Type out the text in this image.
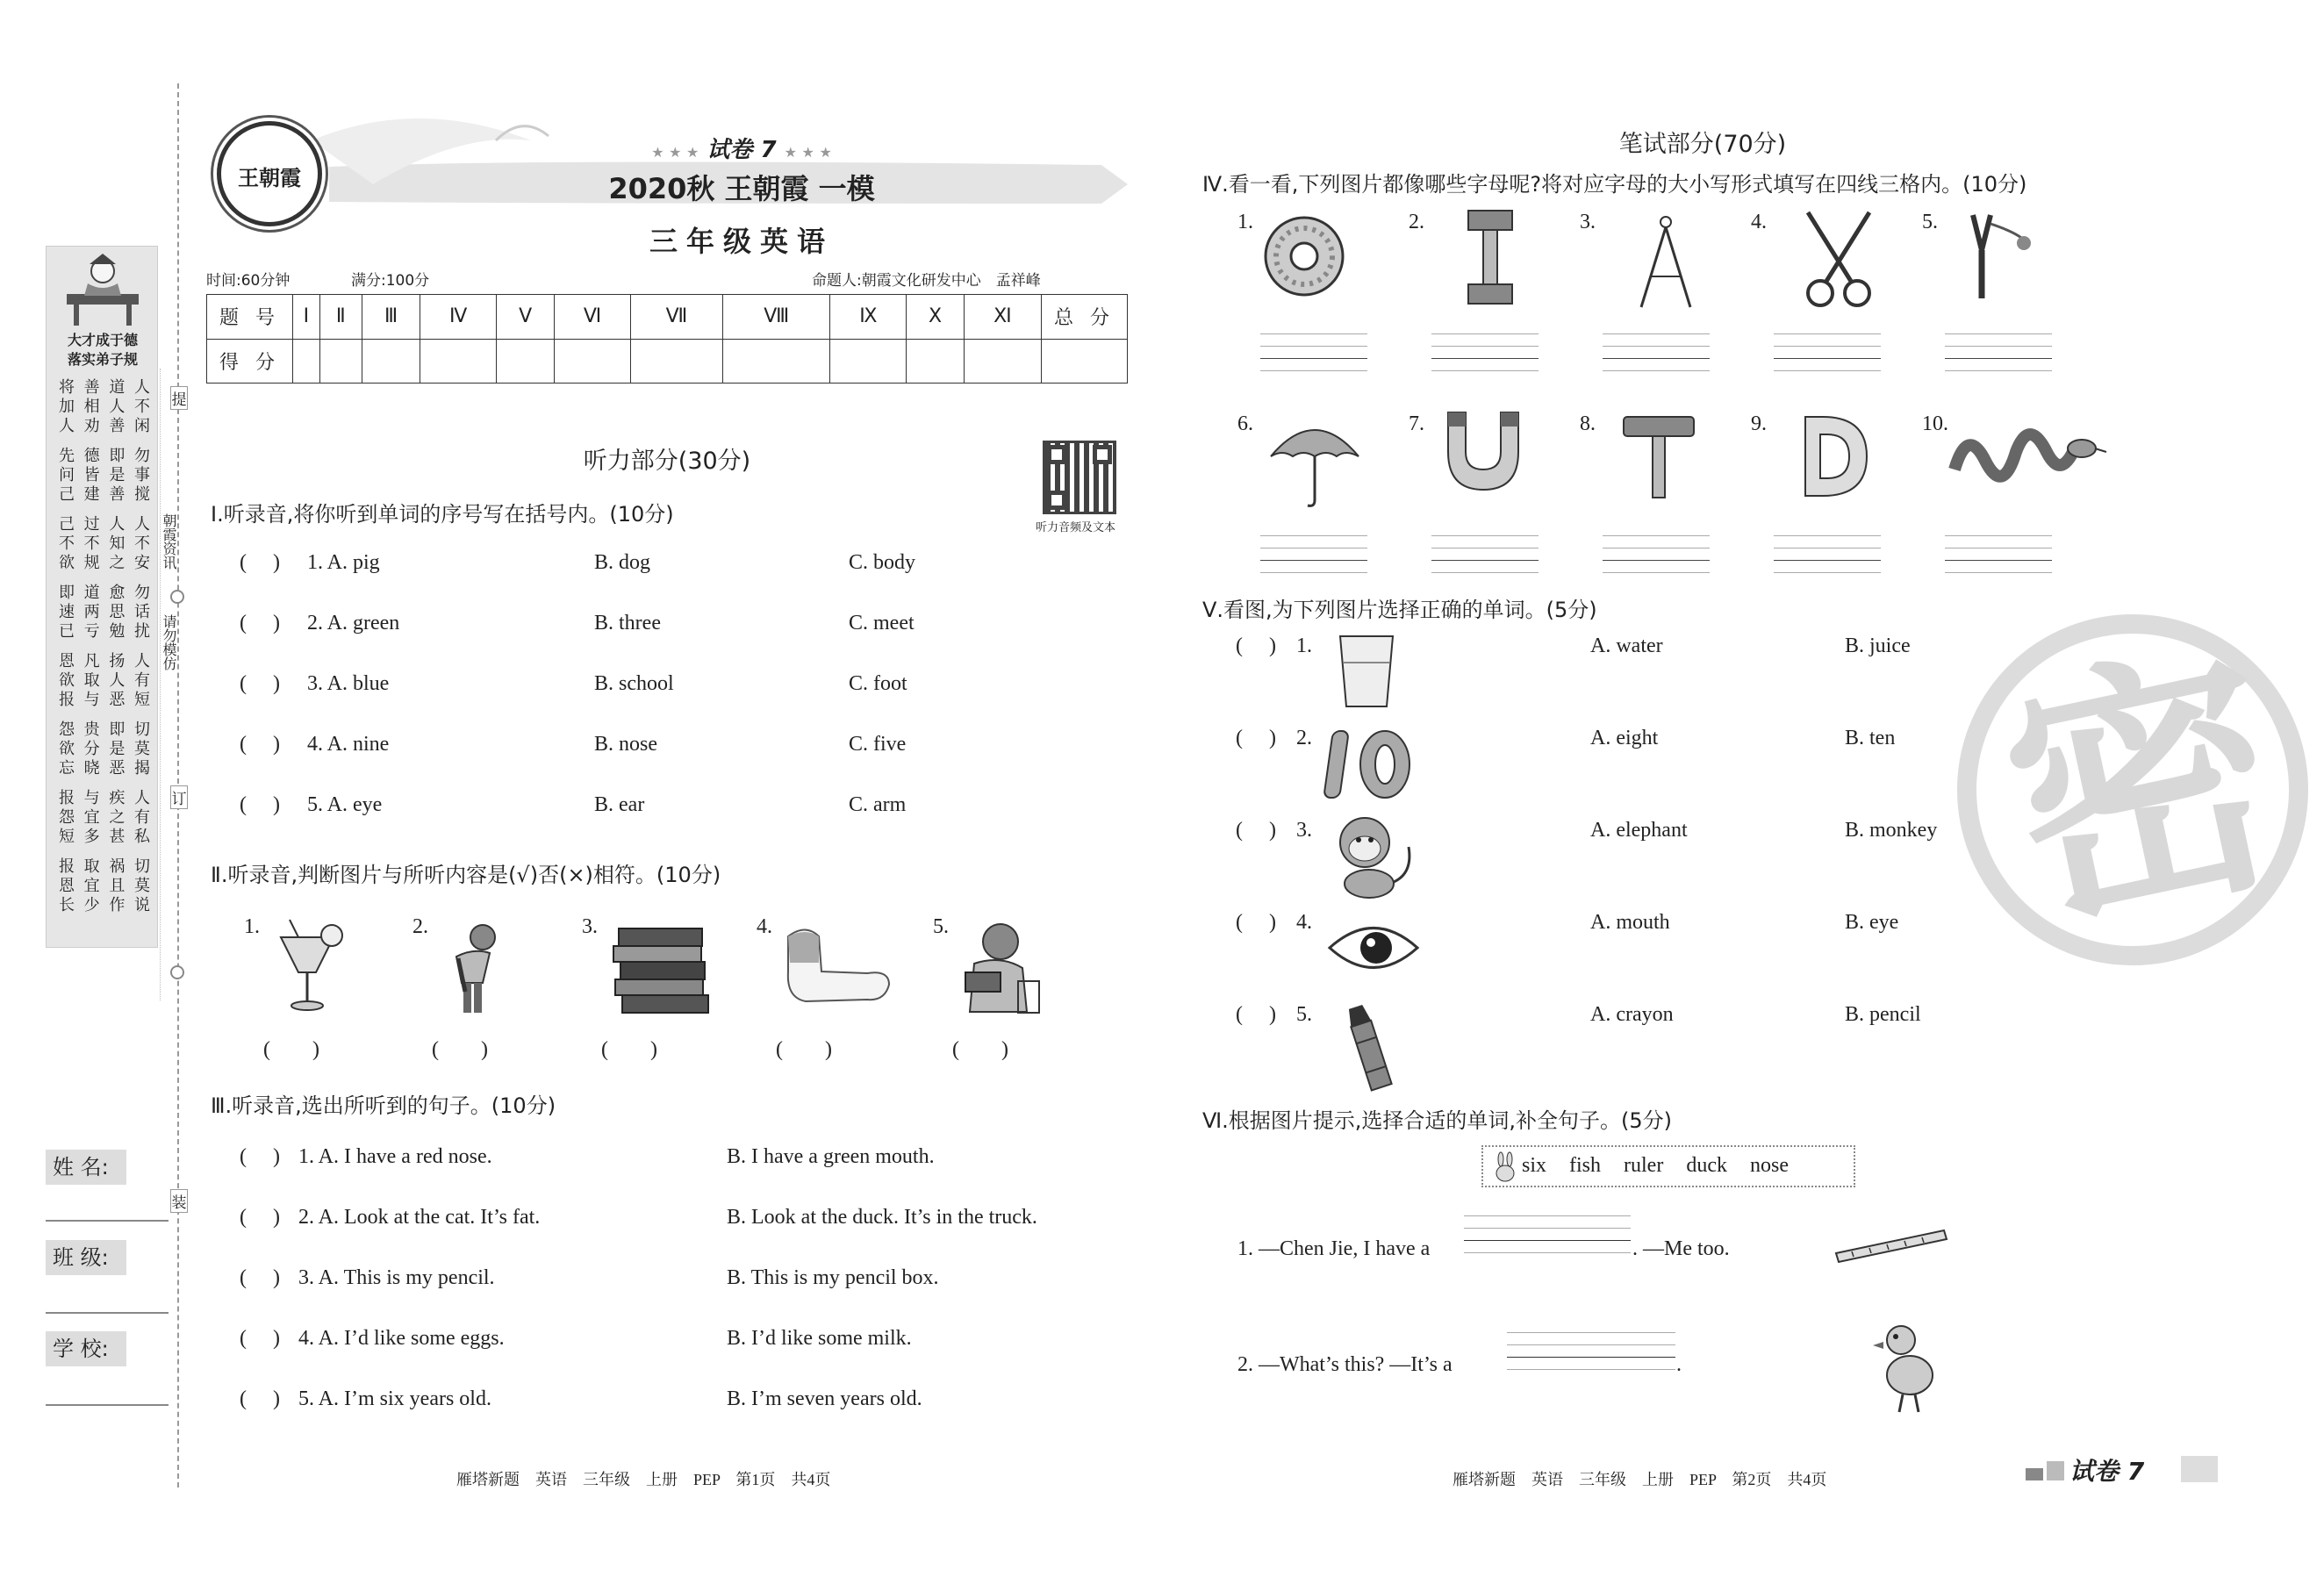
大才成于德
落实弟子规
将 善 道 人
加 相 人 不
人 劝 善 闲
先 德 即 勿
问 皆 是 事
己 建 善 搅
己 过 人 人
不 不 知 不
欲 规 之 安
即 道 愈 勿
速 两 思 话
已 亏 勉 扰
恩 凡 扬 人
欲 取 人 有
报 与 恶 短
怨 贵 即 切
欲 分 是 莫
忘 晓 恶 揭
报 与 疾 人
怨 宜 之 有
短 多 甚 私
报 取 祸 切
恩 宜 且 莫
长 少 作 说
提
订
装
朝霞资讯
请勿模仿
姓 名:
班 级:
学 校:
王朝霞
★ ★ ★ 试卷 7 ★ ★ ★
2020秋 王朝霞 一模
三年级英语
时间:60分钟	满分:100分	命题人:朝霞文化研发中心　孟祥峰
题 号	Ⅰ	Ⅱ	Ⅲ	Ⅳ	Ⅴ	Ⅵ	Ⅶ	Ⅷ	Ⅸ	Ⅹ	Ⅺ	总 分
得 分												
听力部分(30分)
听力音频及文本
Ⅰ.听录音,将你听到单词的序号写在括号内。(10分)
(     ) 1. A. pig	B. dog	C. body
(     ) 2. A. green	B. three	C. meet
(     ) 3. A. blue	B. school	C. foot
(     ) 4. A. nine	B. nose	C. five
(     ) 5. A. eye	B. ear	C. arm
Ⅱ.听录音,判断图片与所听内容是(√)否(×)相符。(10分)
1.
(　　)
2.
(　　)
3.
(　　)
4.
(　　)
5.
(　　)
Ⅲ.听录音,选出所听到的句子。(10分)
(     ) 1. A. I have a red nose.	B. I have a green mouth.
(     ) 2. A. Look at the cat. It’s fat.	B. Look at the duck. It’s in the truck.
(     ) 3. A. This is my pencil.	B. This is my pencil box.
(     ) 4. A. I’d like some eggs.	B. I’d like some milk.
(     ) 5. A. I’m six years old.	B. I’m seven years old.
雁塔新题　英语　三年级　上册　PEP　第1页　共4页
笔试部分(70分)
Ⅳ.看一看,下列图片都像哪些字母呢?将对应字母的大小写形式填写在四线三格内。(10分)
1.	2.	3.	4.	5.
6.	7.	8.	9.	10.
Ⅴ.看图,为下列图片选择正确的单词。(5分)
(     ) 1.	A. water	B. juice
(     ) 2.	A. eight	B. ten
(     ) 3.	A. elephant	B. monkey
(     ) 4.	A. mouth	B. eye
(     ) 5.	A. crayon	B. pencil
Ⅵ.根据图片提示,选择合适的单词,补全句子。(5分)
six fish ruler duck nose
1. —Chen Jie, I have a	. —Me too.
2. —What’s this? —It’s a	.
密
雁塔新题　英语　三年级　上册　PEP　第2页　共4页	试卷 7
